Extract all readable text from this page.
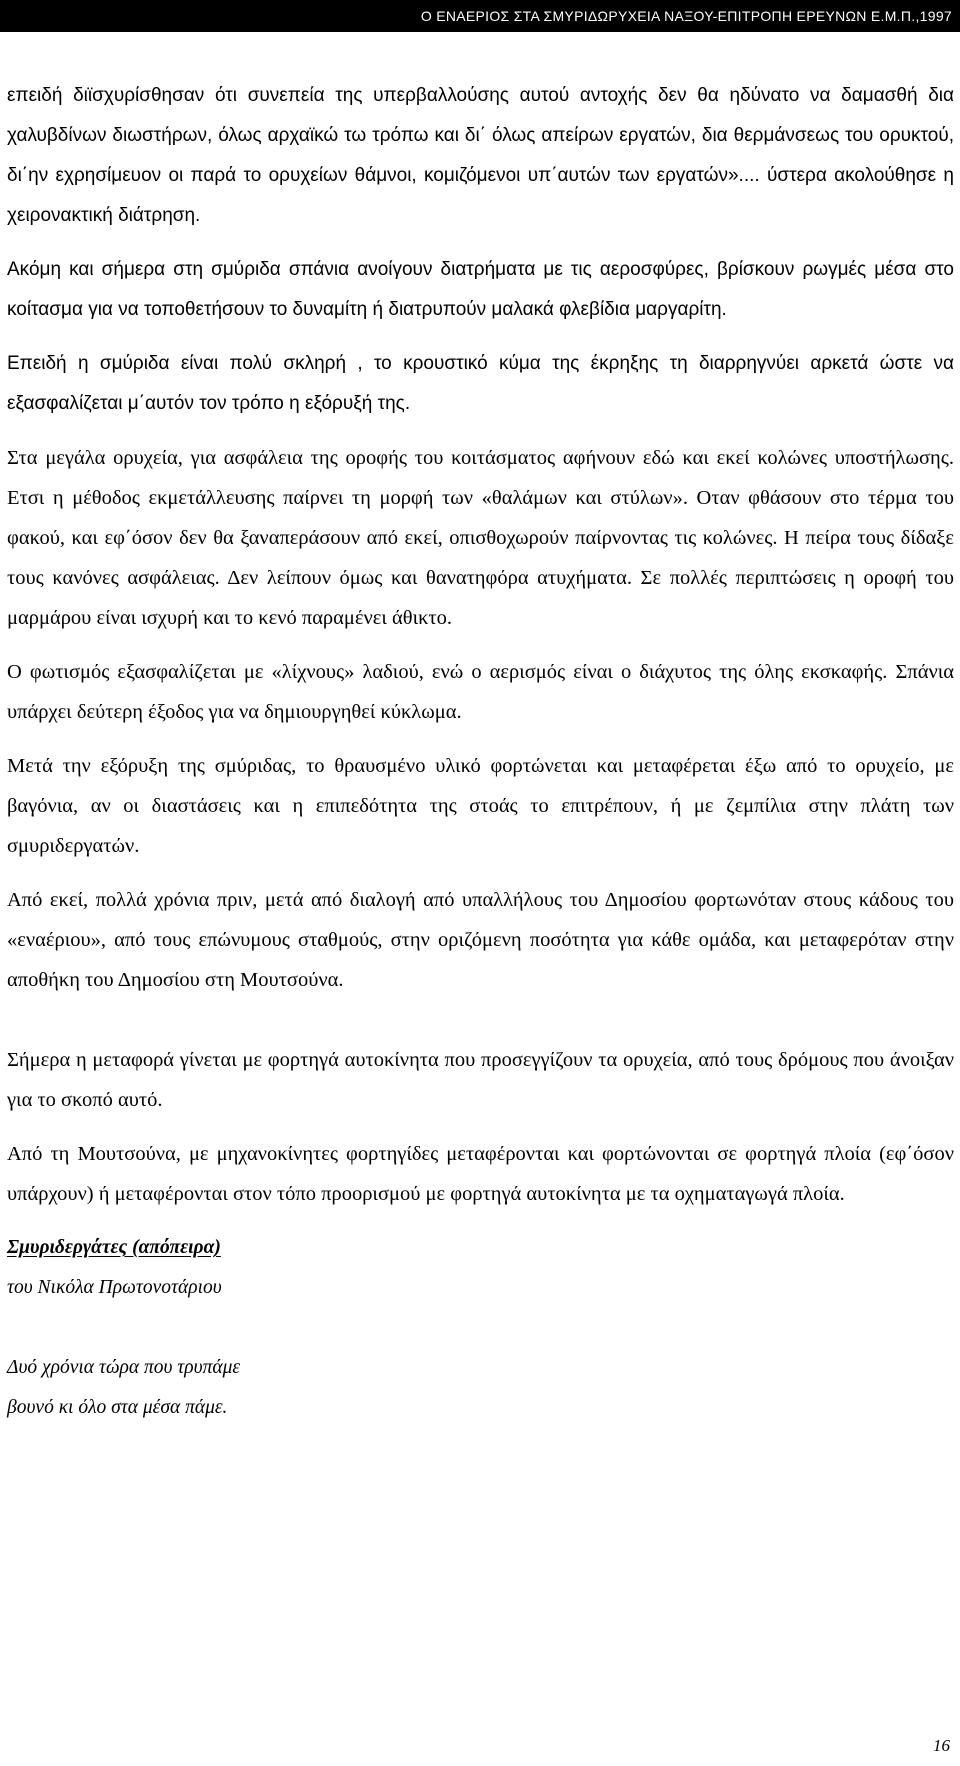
Ο ΕΝΑΕΡΙΟΣ ΣΤΑ ΣΜΥΡΙΔΩΡΥΧΕΙΑ ΝΑΞΟΥ-ΕΠΙΤΡΟΠΗ ΕΡΕΥΝΩΝ Ε.Μ.Π.,1997

επειδή διϊσχυρίσθησαν ότι συνεπεία της υπερβαλλούσης αυτού αντοχής δεν θα ηδύνατο να δαμασθή δια χαλυβδίνων διωστήρων, όλως αρχαϊκώ τω τρόπω και δι΄ όλως απείρων εργατών, δια θερμάνσεως του ορυκτού, δι΄ην εχρησίμευον οι παρά το ορυχείων θάμνοι, κομιζόμενοι υπ΄αυτών των εργατών».... ύστερα ακολούθησε η χειρονακτική διάτρηση.

Ακόμη και σήμερα στη σμύριδα σπάνια ανοίγουν διατρήματα με τις αεροσφύρες, βρίσκουν ρωγμές μέσα στο κοίτασμα για να τοποθετήσουν το δυναμίτη ή διατρυπούν μαλακά φλεβίδια μαργαρίτη.

Επειδή η σμύριδα είναι πολύ σκληρή , το κρουστικό κύμα της έκρηξης τη διαρρηγνύει αρκετά ώστε να εξασφαλίζεται μ΄αυτόν τον τρόπο η εξόρυξή της.

Στα μεγάλα ορυχεία, για ασφάλεια της οροφής του κοιτάσματος αφήνουν εδώ και εκεί κολώνες υποστήλωσης. Ετσι η μέθοδος εκμετάλλευσης παίρνει τη μορφή των «θαλάμων και στύλων». Οταν φθάσουν στο τέρμα του φακού, και εφ΄όσον δεν θα ξαναπεράσουν από εκεί, οπισθοχωρούν παίρνοντας τις κολώνες. Η πείρα τους δίδαξε τους κανόνες ασφάλειας. Δεν λείπουν όμως και θανατηφόρα ατυχήματα. Σε πολλές περιπτώσεις η οροφή του μαρμάρου είναι ισχυρή και το κενό παραμένει άθικτο.

Ο φωτισμός εξασφαλίζεται με «λίχνους» λαδιού, ενώ ο αερισμός είναι ο διάχυτος της όλης εκσκαφής. Σπάνια υπάρχει δεύτερη έξοδος για να δημιουργηθεί κύκλωμα.

Μετά την εξόρυξη της σμύριδας, το θραυσμένο υλικό φορτώνεται και μεταφέρεται έξω από το ορυχείο, με βαγόνια, αν οι διαστάσεις και η επιπεδότητα της στοάς το επιτρέπουν, ή με ζεμπίλια στην πλάτη των σμυριδεργατών.

Από εκεί, πολλά χρόνια πριν, μετά από διαλογή από υπαλλήλους του Δημοσίου φορτωνόταν στους κάδους του «εναέριου», από τους επώνυμους σταθμούς, στην οριζόμενη ποσότητα για κάθε ομάδα, και μεταφερόταν στην αποθήκη του Δημοσίου στη Μουτσούνα.

Σήμερα η μεταφορά γίνεται με φορτηγά αυτοκίνητα που προσεγγίζουν τα ορυχεία, από τους δρόμους που άνοιξαν για το σκοπό αυτό.

Από τη Μουτσούνα, με μηχανοκίνητες φορτηγίδες μεταφέρονται και φορτώνονται σε φορτηγά πλοία (εφ΄όσον υπάρχουν) ή μεταφέρονται στον τόπο προορισμού με φορτηγά αυτοκίνητα με τα οχηματαγωγά πλοία.

Σμυριδεργάτες (απόπειρα)

του Νικόλα Πρωτονοτάριου

Δυό χρόνια τώρα που τρυπάμε

βουνό κι όλο στα μέσα πάμε.

16
